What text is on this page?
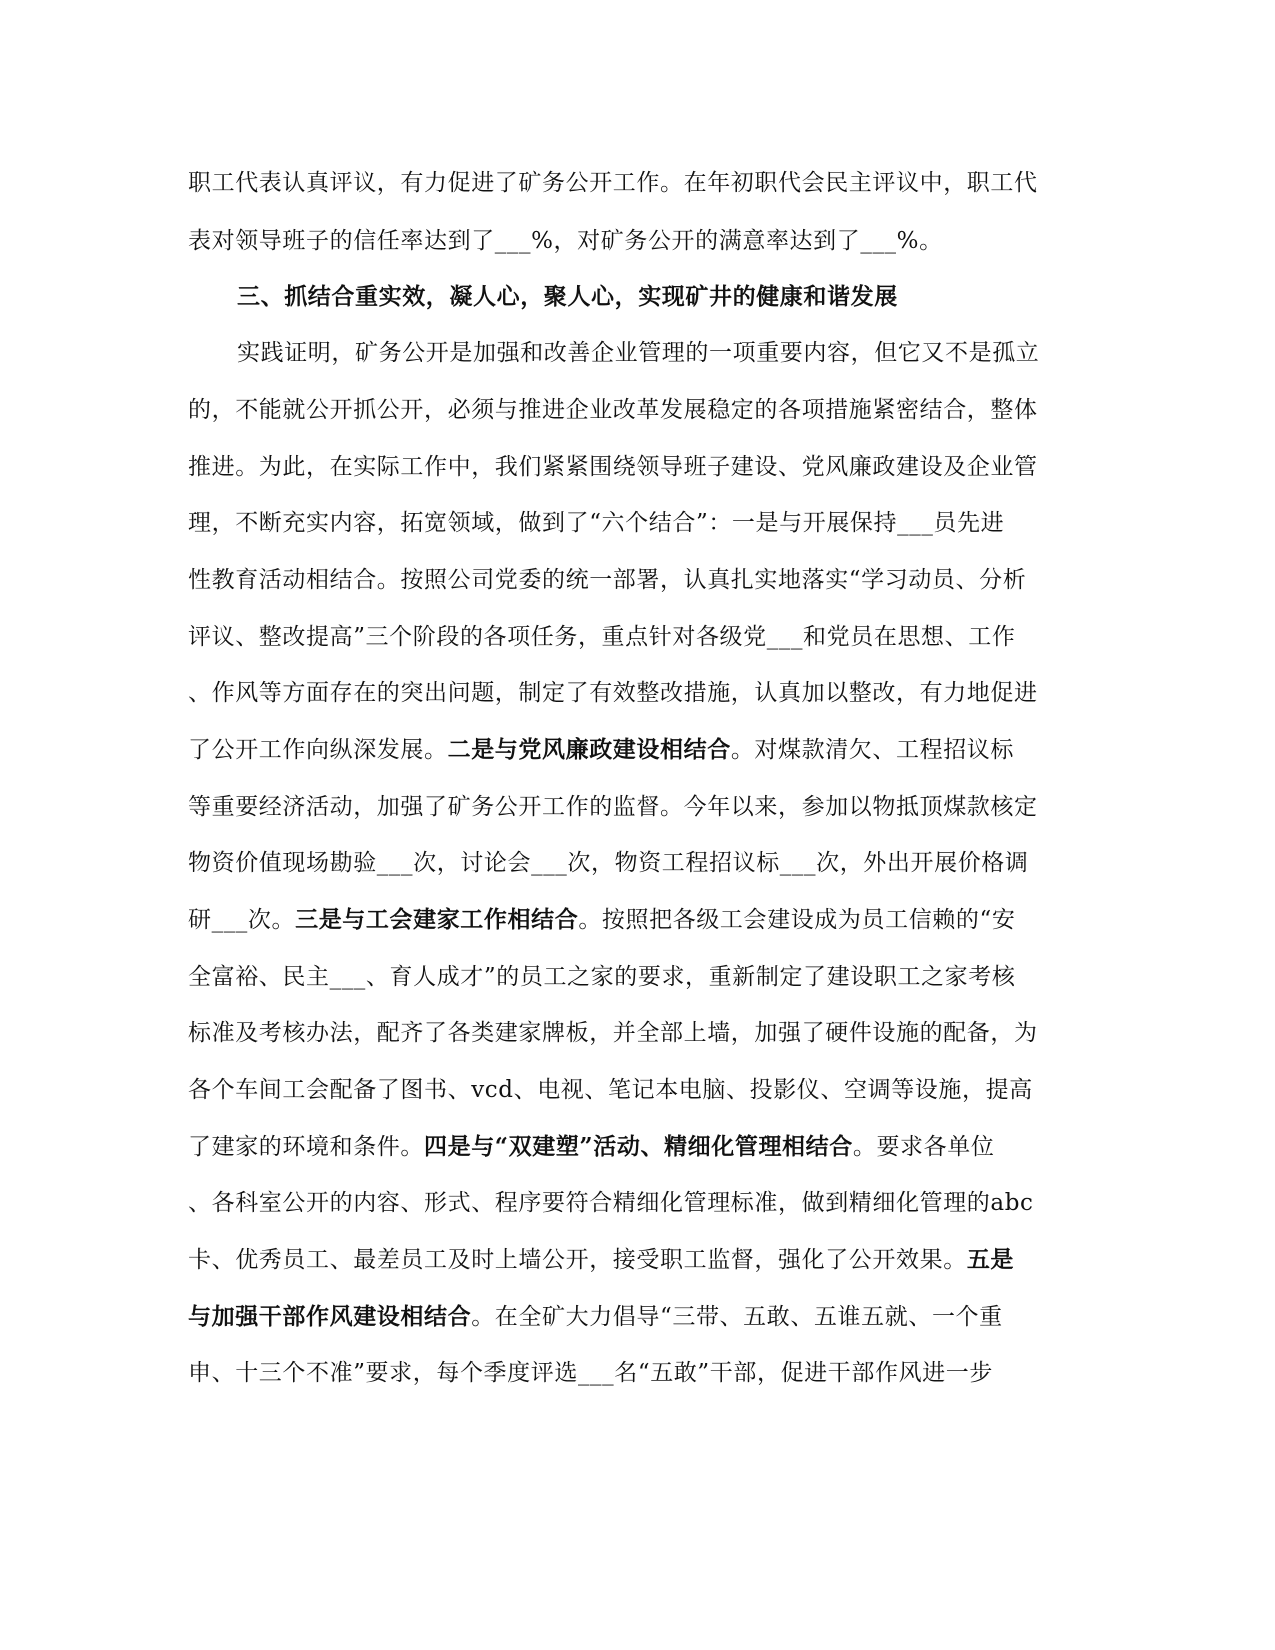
职工代表认真评议，有力促进了矿务公开工作。在年初职代会民主评议中，职工代
表对领导班子的信任率达到了___%，对矿务公开的满意率达到了___%。
三、抓结合重实效，凝人心，聚人心，实现矿井的健康和谐发展
实践证明，矿务公开是加强和改善企业管理的一项重要内容，但它又不是孤立
的，不能就公开抓公开，必须与推进企业改革发展稳定的各项措施紧密结合，整体
推进。为此，在实际工作中，我们紧紧围绕领导班子建设、党风廉政建设及企业管
理，不断充实内容，拓宽领域，做到了“六个结合”：一是与开展保持___员先进
性教育活动相结合。按照公司党委的统一部署，认真扎实地落实“学习动员、分析
评议、整改提高”三个阶段的各项任务，重点针对各级党___和党员在思想、工作
、作风等方面存在的突出问题，制定了有效整改措施，认真加以整改，有力地促进
了公开工作向纵深发展。二是与党风廉政建设相结合。对煤款清欠、工程招议标
等重要经济活动，加强了矿务公开工作的监督。今年以来，参加以物抵顶煤款核定
物资价值现场勘验___次，讨论会___次，物资工程招议标___次，外出开展价格调
研___次。三是与工会建家工作相结合。按照把各级工会建设成为员工信赖的“安
全富裕、民主___、育人成才”的员工之家的要求，重新制定了建设职工之家考核
标准及考核办法，配齐了各类建家牌板，并全部上墙，加强了硬件设施的配备，为
各个车间工会配备了图书、vcd、电视、笔记本电脑、投影仪、空调等设施，提高
了建家的环境和条件。四是与“双建塑”活动、精细化管理相结合。要求各单位
、各科室公开的内容、形式、程序要符合精细化管理标准，做到精细化管理的abc
卡、优秀员工、最差员工及时上墙公开，接受职工监督，强化了公开效果。五是
与加强干部作风建设相结合。在全矿大力倡导“三带、五敢、五谁五就、一个重
申、十三个不准”要求，每个季度评选___名“五敢”干部，促进干部作风进一步
